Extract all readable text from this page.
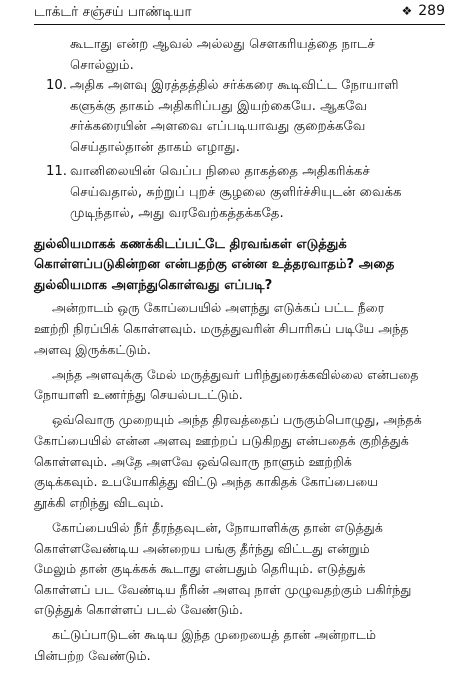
டாக்டர் சஞ்சய் பாண்டியா	❖ 289
கூடாது என்ற ஆவல் அல்லது சௌகரியத்தை நாடச்
சொல்லும்.
10. அதிக அளவு இரத்தத்தில் சர்க்கரை கூடிவிட்ட நோயாளி
களுக்கு தாகம் அதிகரிப்பது இயற்கையே. ஆகவே
சர்க்கரையின் அளவை எப்படியாவது குறைக்கவே
செய்தால்தான் தாகம் எழாது.
11. வானிலையின் வெப்ப நிலை தாகத்தை அதிகரிக்கச்
செய்வதால், சுற்றுப் புறச் சூழலை குளிர்ச்சியுடன் வைக்க
முடிந்தால், அது வரவேற்கத்தக்கதே.
துல்லியமாகக் கணக்கிடப்பட்டே திரவங்கள் எடுத்துக்
கொள்ளப்படுகின்றன என்பதற்கு என்ன உத்தரவாதம்? அதை
துல்லியமாக அளந்துகொள்வது எப்படி?
அன்றாடம் ஒரு கோப்பையில் அளந்து எடுக்கப் பட்ட நீரை
ஊற்றி நிரப்பிக் கொள்ளவும். மருத்துவரின் சிபாரிசுப் படியே அந்த
அளவு இருக்கட்டும்.
அந்த அளவுக்கு மேல் மருத்துவர் பரிந்துரைக்கவில்லை என்பதை
நோயாளி உணர்ந்து செயல்படட்டும்.
ஒவ்வொரு முறையும் அந்த திரவத்தைப் பருகும்பொழுது, அந்தக்
கோப்பையில் என்ன அளவு ஊற்றப் படுகிறது என்பதைக் குறித்துக்
கொள்ளவும். அதே அளவே ஒவ்வொரு நாளும் ஊற்றிக்
குடிக்கவும். உபயோகித்து விட்டு அந்த காகிதக் கோப்பையை
தூக்கி எறிந்து விடவும்.
கோப்பையில் நீர் தீரந்தவுடன், நோயாளிக்கு தான் எடுத்துக்
கொள்ளவேண்டிய அன்றைய பங்கு தீர்ந்து விட்டது என்றும்
மேலும் தான் குடிக்கக் கூடாது என்பதும் தெரியும். எடுத்துக்
கொள்ளப் பட வேண்டிய நீரின் அளவு நாள் முழுவதற்கும் பகிர்ந்து
எடுத்துக் கொள்ளப் படல் வேண்டும்.
கட்டுப்பாடுடன் கூடிய இந்த முறையைத் தான் அன்றாடம்
பின்பற்ற வேண்டும்.
